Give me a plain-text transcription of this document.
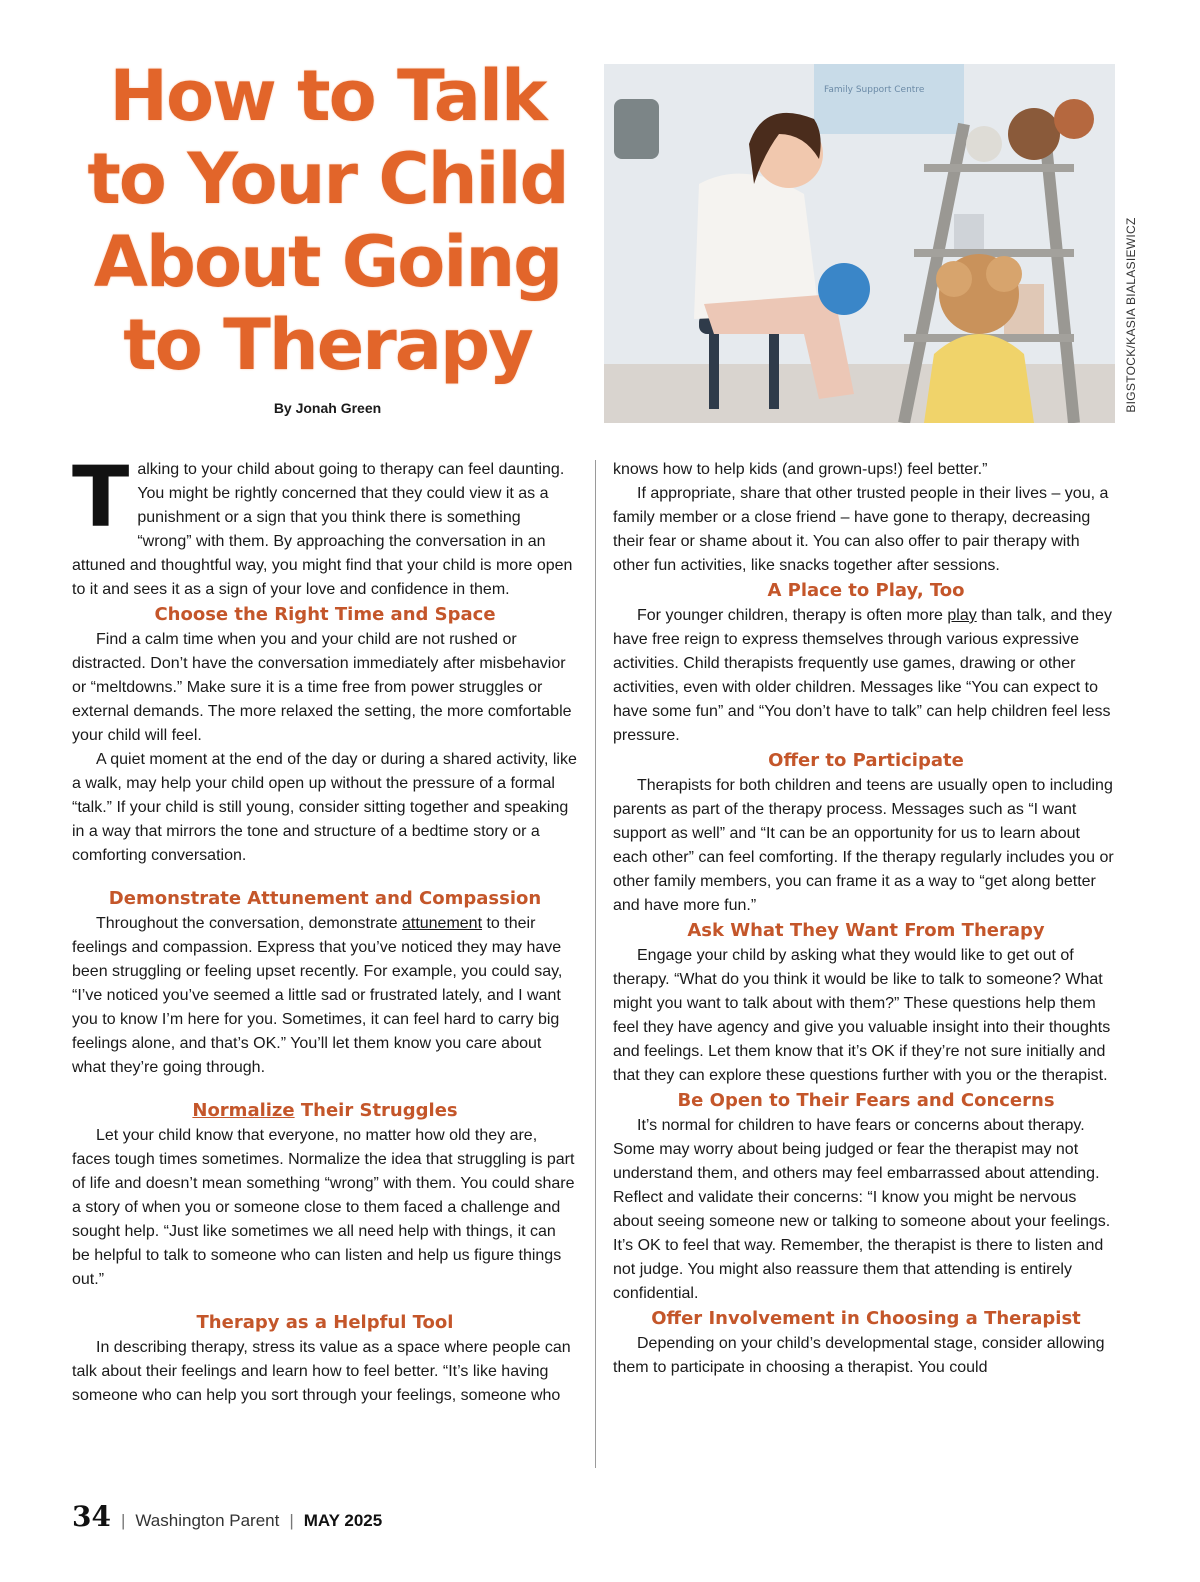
How to Talk
to Your Child
About Going
to Therapy
By Jonah Green
Family Support Centre
BIGSTOCK/KASIA BIALASIEWICZ

Talking to your child about going to therapy can feel daunting. You might be rightly concerned that they could view it as a punishment or a sign that you think there is something “wrong” with them. By approaching the conversation in an attuned and thoughtful way, you might find that your child is more open to it and sees it as a sign of your love and confidence in them.

Choose the Right Time and Space

Find a calm time when you and your child are not rushed or distracted. Don’t have the conversation immediately after misbehavior or “meltdowns.” Make sure it is a time free from power struggles or external demands. The more relaxed the setting, the more comfortable your child will feel.

A quiet moment at the end of the day or during a shared activity, like a walk, may help your child open up without the pressure of a formal “talk.” If your child is still young, consider sitting together and speaking in a way that mirrors the tone and structure of a bedtime story or a comforting conversation.

Demonstrate Attunement and Compassion

Throughout the conversation, demonstrate attunement to their feelings and compassion. Express that you’ve noticed they may have been struggling or feeling upset recently. For example, you could say, “I’ve noticed you’ve seemed a little sad or frustrated lately, and I want you to know I’m here for you. Sometimes, it can feel hard to carry big feelings alone, and that’s OK.” You’ll let them know you care about what they’re going through.

Normalize Their Struggles

Let your child know that everyone, no matter how old they are, faces tough times sometimes. Normalize the idea that struggling is part of life and doesn’t mean something “wrong” with them. You could share a story of when you or someone close to them faced a challenge and sought help. “Just like sometimes we all need help with things, it can be helpful to talk to someone who can listen and help us figure things out.”

Therapy as a Helpful Tool

In describing therapy, stress its value as a space where people can talk about their feelings and learn how to feel better. “It’s like having someone who can help you sort through your feelings, someone who

knows how to help kids (and grown-ups!) feel better.”

If appropriate, share that other trusted people in their lives – you, a family member or a close friend – have gone to therapy, decreasing their fear or shame about it. You can also offer to pair therapy with other fun activities, like snacks together after sessions.

A Place to Play, Too

For younger children, therapy is often more play than talk, and they have free reign to express themselves through various expressive activities. Child therapists frequently use games, drawing or other activities, even with older children. Messages like “You can expect to have some fun” and “You don’t have to talk” can help children feel less pressure.

Offer to Participate

Therapists for both children and teens are usually open to including parents as part of the therapy process. Messages such as “I want support as well” and “It can be an opportunity for us to learn about each other” can feel comforting. If the therapy regularly includes you or other family members, you can frame it as a way to “get along better and have more fun.”

Ask What They Want From Therapy

Engage your child by asking what they would like to get out of therapy. “What do you think it would be like to talk to someone? What might you want to talk about with them?” These questions help them feel they have agency and give you valuable insight into their thoughts and feelings. Let them know that it’s OK if they’re not sure initially and that they can explore these questions further with you or the therapist.

Be Open to Their Fears and Concerns

It’s normal for children to have fears or concerns about therapy. Some may worry about being judged or fear the therapist may not understand them, and others may feel embarrassed about attending. Reflect and validate their concerns: “I know you might be nervous about seeing someone new or talking to someone about your feelings. It’s OK to feel that way. Remember, the therapist is there to listen and not judge. You might also reassure them that attending is entirely confidential.

Offer Involvement in Choosing a Therapist

Depending on your child’s developmental stage, consider allowing them to participate in choosing a therapist. You could

34 | Washington Parent | MAY 2025
